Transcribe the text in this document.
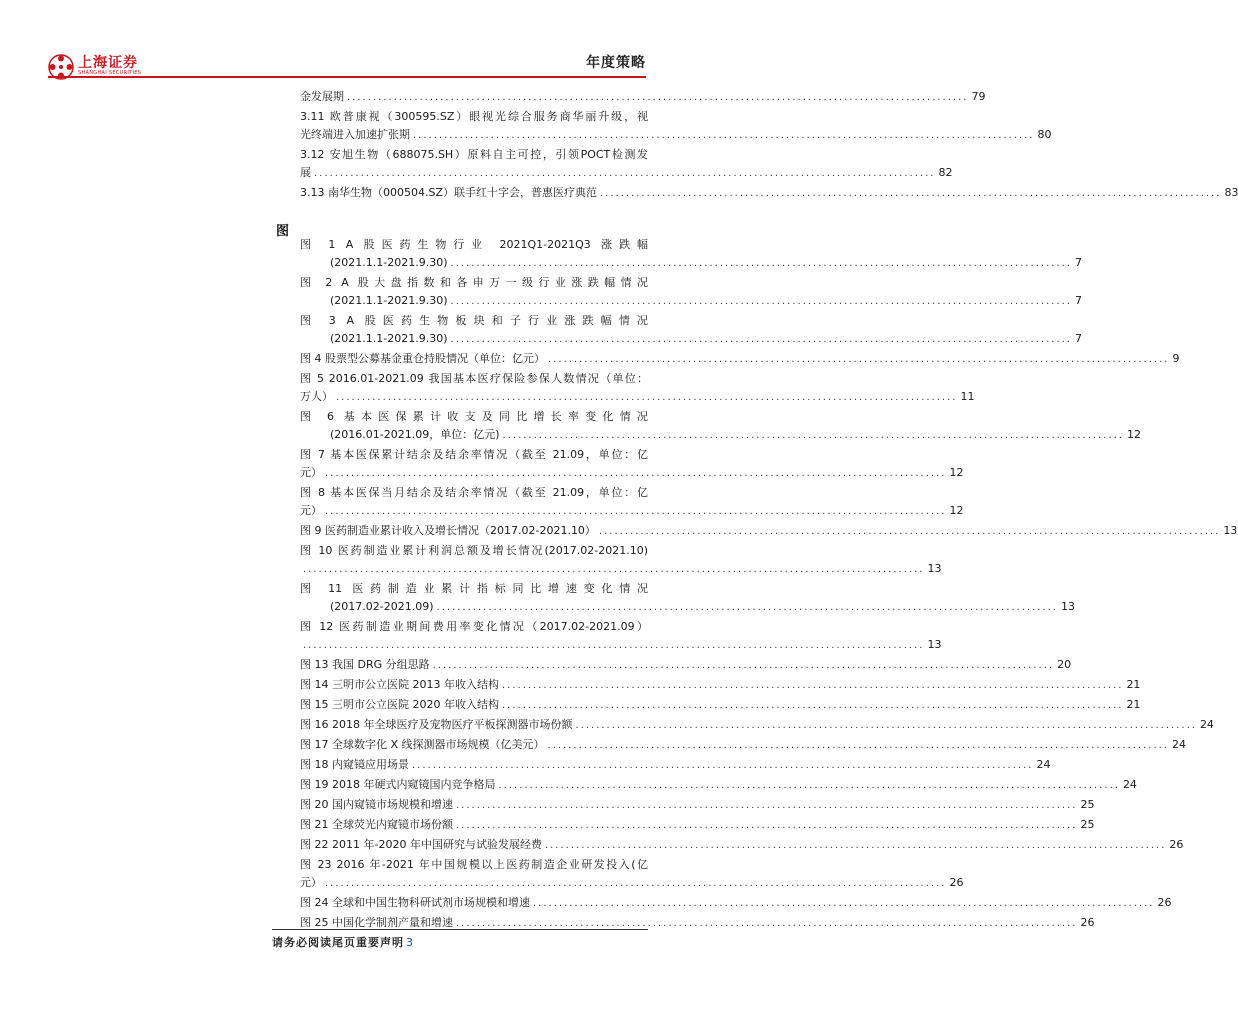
上海证券
SHANGHAI SECURITIES
年度策略
金发展期 ........................................................................................................................ 79
3.11 欧普康视（300595.SZ）眼视光综合服务商华丽升级，视
光终端进入加速扩张期 ........................................................................................................................ 80
3.12 安旭生物（688075.SH）原料自主可控，引领POCT检测发
展 ........................................................................................................................ 82
3.13 南华生物（000504.SZ）联手红十字会，普惠医疗典范 ........................................................................................................................ 83
图
图 1 A 股医药生物行业 2021Q1-2021Q3 涨跌幅
(2021.1.1-2021.9.30) ........................................................................................................................ 7
图 2 A 股大盘指数和各申万一级行业涨跌幅情况
(2021.1.1-2021.9.30) ........................................................................................................................ 7
图 3 A 股医药生物板块和子行业涨跌幅情况
(2021.1.1-2021.9.30) ........................................................................................................................ 7
图 4 股票型公募基金重仓持股情况（单位：亿元） ........................................................................................................................ 9
图 5 2016.01-2021.09 我国基本医疗保险参保人数情况（单位：
万人） ........................................................................................................................ 11
图 6 基本医保累计收支及同比增长率变化情况
(2016.01-2021.09，单位：亿元) ........................................................................................................................ 12
图 7 基本医保累计结余及结余率情况（截至 21.09，单位：亿
元） ........................................................................................................................ 12
图 8 基本医保当月结余及结余率情况（截至 21.09，单位：亿
元） ........................................................................................................................ 12
图 9 医药制造业累计收入及增长情况（2017.02-2021.10） ........................................................................................................................ 13
图 10 医药制造业累计利润总额及增长情况(2017.02-2021.10)
........................................................................................................................ 13
图 11 医药制造业累计指标同比增速变化情况
(2017.02-2021.09) ........................................................................................................................ 13
图 12 医药制造业期间费用率变化情况（2017.02-2021.09）
........................................................................................................................ 13
图 13 我国 DRG 分组思路 ........................................................................................................................ 20
图 14 三明市公立医院 2013 年收入结构 ........................................................................................................................ 21
图 15 三明市公立医院 2020 年收入结构 ........................................................................................................................ 21
图 16 2018 年全球医疗及宠物医疗平板探测器市场份额 ........................................................................................................................ 24
图 17 全球数字化 X 线探测器市场规模（亿美元） ........................................................................................................................ 24
图 18 内窥镜应用场景 ........................................................................................................................ 24
图 19 2018 年硬式内窥镜国内竞争格局 ........................................................................................................................ 24
图 20 国内窥镜市场规模和增速 ........................................................................................................................ 25
图 21 全球荧光内窥镜市场份额 ........................................................................................................................ 25
图 22 2011 年-2020 年中国研究与试验发展经费 ........................................................................................................................ 26
图 23 2016 年-2021 年中国规模以上医药制造企业研发投入(亿
元） ........................................................................................................................ 26
图 24 全球和中国生物科研试剂市场规模和增速 ........................................................................................................................ 26
图 25 中国化学制剂产量和增速 ........................................................................................................................ 26
请务必阅读尾页重要声明 3
